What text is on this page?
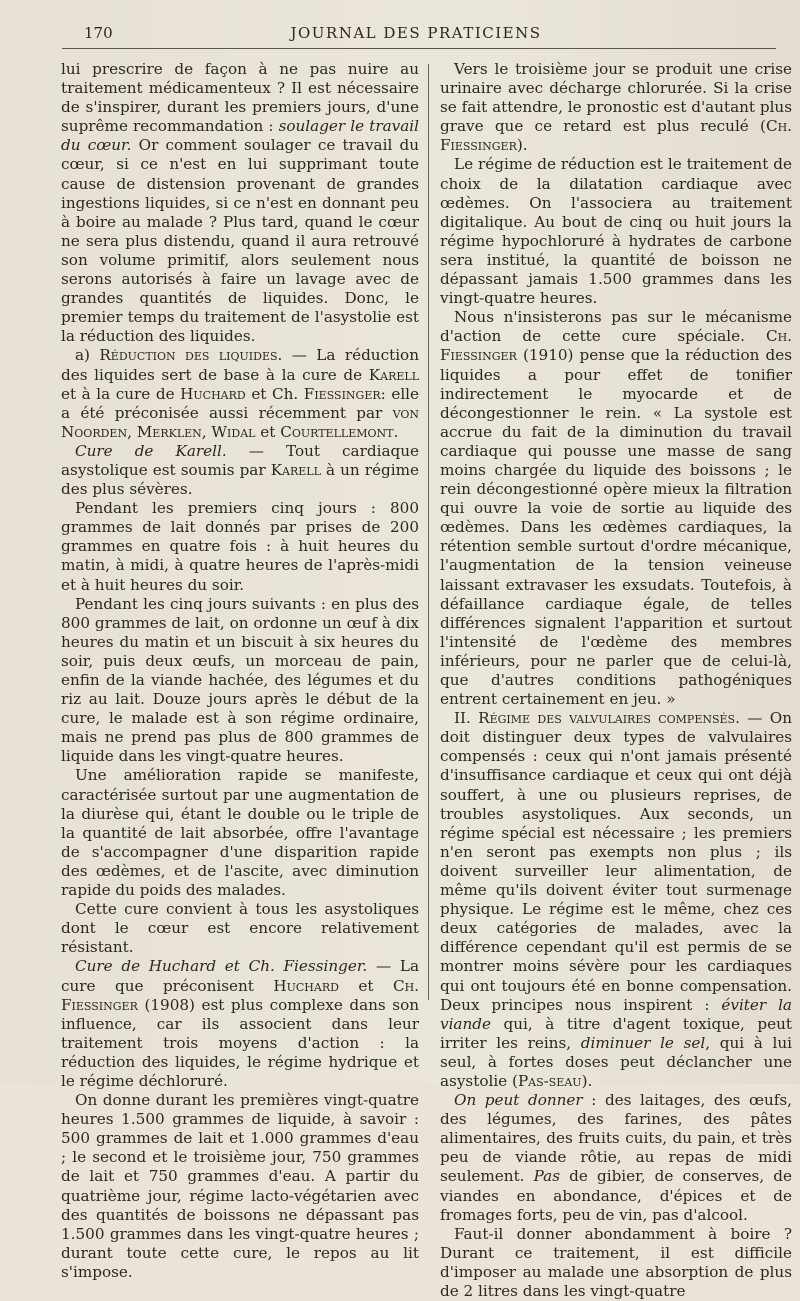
170	JOURNAL DES PRATICIENS

lui prescrire de façon à ne pas nuire au traitement médicamenteux ? Il est nécessaire de s'inspirer, durant les premiers jours, d'une suprême recommandation : soulager le travail du cœur. Or comment soulager ce travail du cœur, si ce n'est en lui supprimant toute cause de distension provenant de grandes ingestions liquides, si ce n'est en donnant peu à boire au malade ? Plus tard, quand le cœur ne sera plus distendu, quand il aura retrouvé son volume primitif, alors seulement nous serons autorisés à faire un lavage avec de grandes quantités de liquides. Donc, le premier temps du traitement de l'asystolie est la réduction des liquides.

a) Réduction des liquides. — La réduction des liquides sert de base à la cure de Karell et à la cure de Huchard et Ch. Fiessinger: elle a été préconisée aussi récemment par von Noorden, Merklen, Widal et Courtellemont.

Cure de Karell. — Tout cardiaque asystolique est soumis par Karell à un régime des plus sévères.

Pendant les premiers cinq jours : 800 grammes de lait donnés par prises de 200 grammes en quatre fois : à huit heures du matin, à midi, à quatre heures de l'après-midi et à huit heures du soir.

Pendant les cinq jours suivants : en plus des 800 grammes de lait, on ordonne un œuf à dix heures du matin et un biscuit à six heures du soir, puis deux œufs, un morceau de pain, enfin de la viande hachée, des légumes et du riz au lait. Douze jours après le début de la cure, le malade est à son régime ordinaire, mais ne prend pas plus de 800 grammes de liquide dans les vingt-quatre heures.

Une amélioration rapide se manifeste, caractérisée surtout par une augmentation de la diurèse qui, étant le double ou le triple de la quantité de lait absorbée, offre l'avantage de s'accompagner d'une disparition rapide des œdèmes, et de l'ascite, avec diminution rapide du poids des malades.

Cette cure convient à tous les asystoliques dont le cœur est encore relativement résistant.

Cure de Huchard et Ch. Fiessinger. — La cure que préconisent Huchard et Ch. Fiessinger (1908) est plus complexe dans son influence, car ils associent dans leur traitement trois moyens d'action : la réduction des liquides, le régime hydrique et le régime déchloruré.

On donne durant les premières vingt-quatre heures 1.500 grammes de liquide, à savoir : 500 grammes de lait et 1.000 grammes d'eau ; le second et le troisième jour, 750 grammes de lait et 750 grammes d'eau. A partir du quatrième jour, régime lacto-végétarien avec des quantités de boissons ne dépassant pas 1.500 grammes dans les vingt-quatre heures ; durant toute cette cure, le repos au lit s'impose.

Vers le troisième jour se produit une crise urinaire avec décharge chlorurée. Si la crise se fait attendre, le pronostic est d'autant plus grave que ce retard est plus reculé (Ch. Fiessinger).

Le régime de réduction est le traitement de choix de la dilatation cardiaque avec œdèmes. On l'associera au traitement digitalique. Au bout de cinq ou huit jours la régime hypochloruré à hydrates de carbone sera institué, la quantité de boisson ne dépassant jamais 1.500 grammes dans les vingt-quatre heures.

Nous n'insisterons pas sur le mécanisme d'action de cette cure spéciale. Ch. Fiessinger (1910) pense que la réduction des liquides a pour effet de tonifier indirectement le myocarde et de décongestionner le rein. « La systole est accrue du fait de la diminution du travail cardiaque qui pousse une masse de sang moins chargée du liquide des boissons ; le rein décongestionné opère mieux la filtration qui ouvre la voie de sortie au liquide des œdèmes. Dans les œdèmes cardiaques, la rétention semble surtout d'ordre mécanique, l'augmentation de la tension veineuse laissant extravaser les exsudats. Toutefois, à défaillance cardiaque égale, de telles différences signalent l'apparition et surtout l'intensité de l'œdème des membres inférieurs, pour ne parler que de celui-là, que d'autres conditions pathogéniques entrent certainement en jeu. »

II. Régime des valvulaires compensés. — On doit distinguer deux types de valvulaires compensés : ceux qui n'ont jamais présenté d'insuffisance cardiaque et ceux qui ont déjà souffert, à une ou plusieurs reprises, de troubles asystoliques. Aux seconds, un régime spécial est nécessaire ; les premiers n'en seront pas exempts non plus ; ils doivent surveiller leur alimentation, de même qu'ils doivent éviter tout surmenage physique. Le régime est le même, chez ces deux catégories de malades, avec la différence cependant qu'il est permis de se montrer moins sévère pour les cardiaques qui ont toujours été en bonne compensation. Deux principes nous inspirent : éviter la viande qui, à titre d'agent toxique, peut irriter les reins, diminuer le sel, qui à lui seul, à fortes doses peut déclancher une asystolie (Pas-seau).

On peut donner : des laitages, des œufs, des légumes, des farines, des pâtes alimentaires, des fruits cuits, du pain, et très peu de viande rôtie, au repas de midi seulement. Pas de gibier, de conserves, de viandes en abondance, d'épices et de fromages forts, peu de vin, pas d'alcool.

Faut-il donner abondamment à boire ? Durant ce traitement, il est difficile d'imposer au malade une absorption de plus de 2 litres dans les vingt-quatre
